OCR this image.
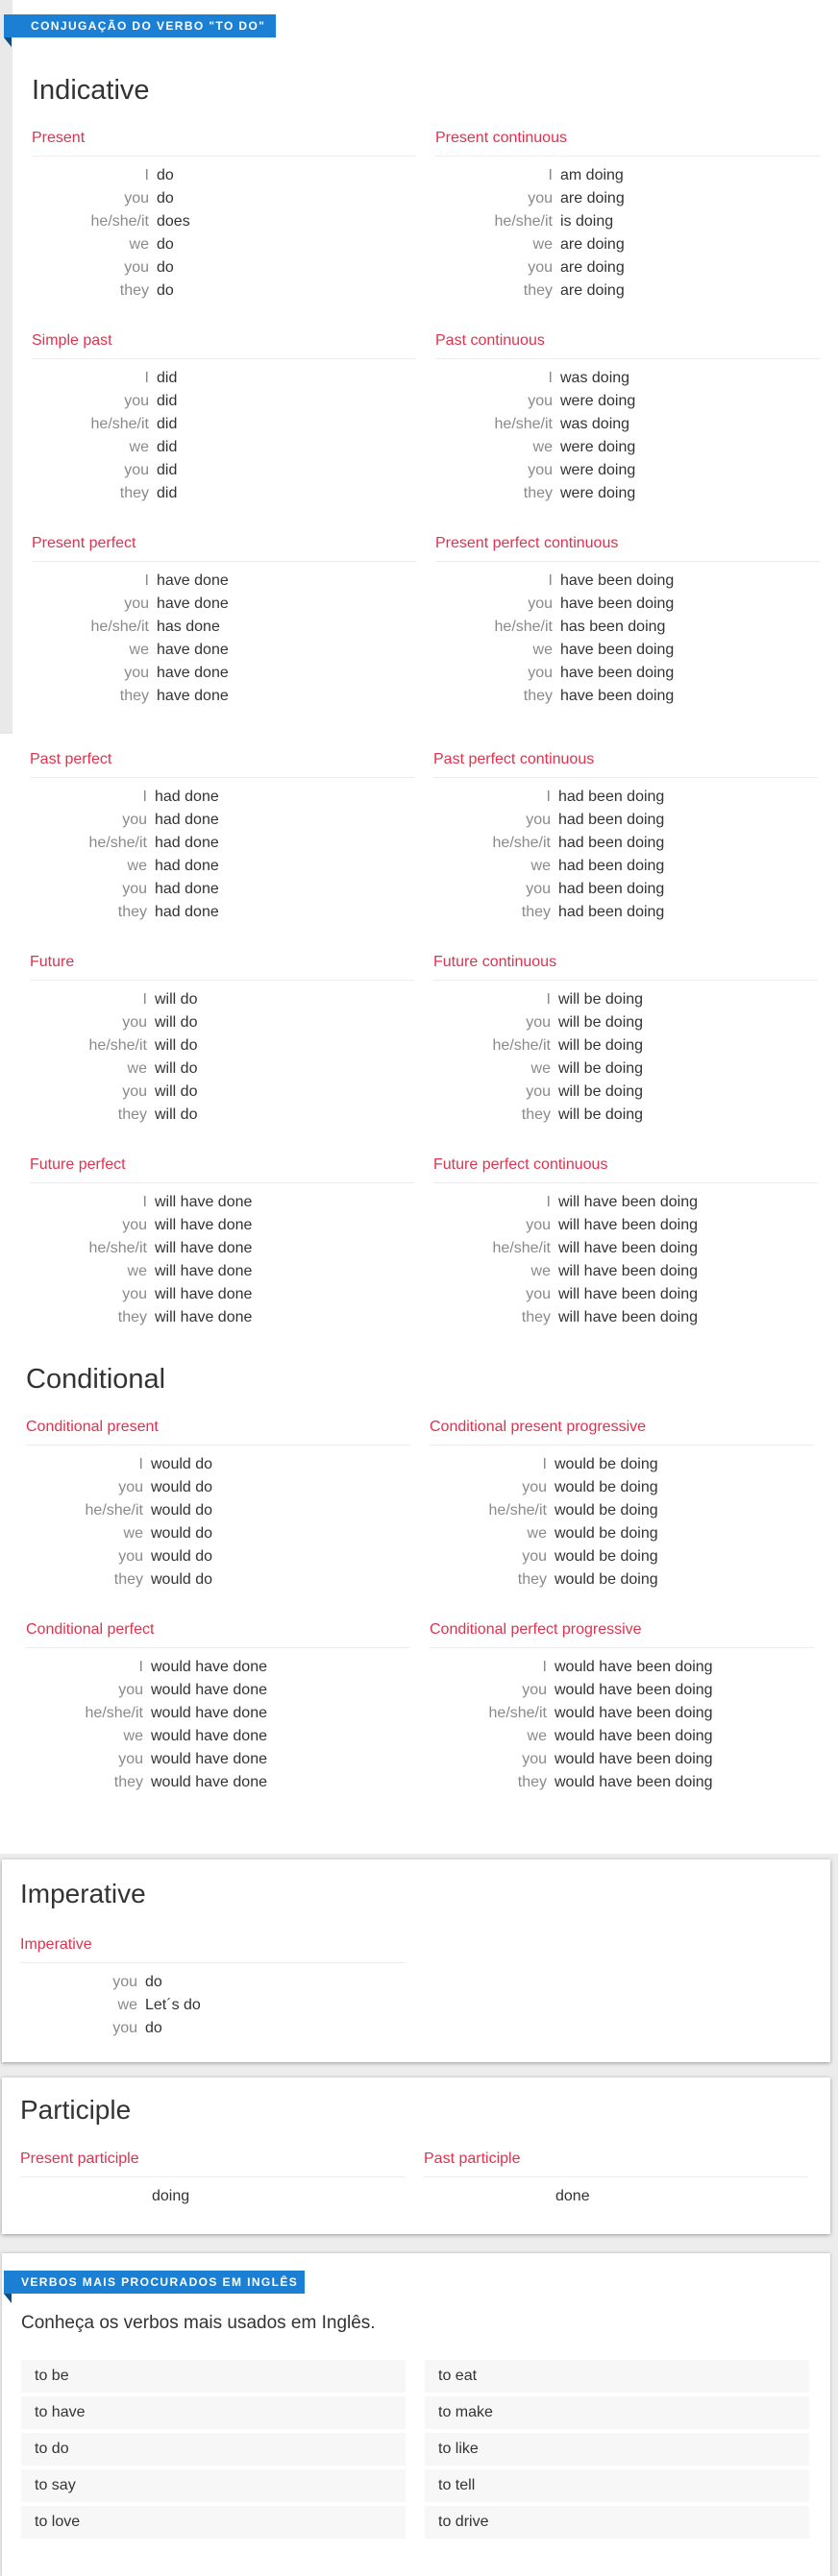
CONJUGAÇÃO DO VERBO "TO DO"
Indicative
Present
I do
you do
he/she/it does
we do
you do
they do
Present continuous
I am doing
you are doing
he/she/it is doing
we are doing
you are doing
they are doing
Simple past
I did
you did
he/she/it did
we did
you did
they did
Past continuous
I was doing
you were doing
he/she/it was doing
we were doing
you were doing
they were doing
Present perfect
I have done
you have done
he/she/it has done
we have done
you have done
they have done
Present perfect continuous
I have been doing
you have been doing
he/she/it has been doing
we have been doing
you have been doing
they have been doing
Past perfect
I had done
you had done
he/she/it had done
we had done
you had done
they had done
Past perfect continuous
I had been doing
you had been doing
he/she/it had been doing
we had been doing
you had been doing
they had been doing
Future
I will do
you will do
he/she/it will do
we will do
you will do
they will do
Future continuous
I will be doing
you will be doing
he/she/it will be doing
we will be doing
you will be doing
they will be doing
Future perfect
I will have done
you will have done
he/she/it will have done
we will have done
you will have done
they will have done
Future perfect continuous
I will have been doing
you will have been doing
he/she/it will have been doing
we will have been doing
you will have been doing
they will have been doing
Conditional
Conditional present
I would do
you would do
he/she/it would do
we would do
you would do
they would do
Conditional present progressive
I would be doing
you would be doing
he/she/it would be doing
we would be doing
you would be doing
they would be doing
Conditional perfect
I would have done
you would have done
he/she/it would have done
we would have done
you would have done
they would have done
Conditional perfect progressive
I would have been doing
you would have been doing
he/she/it would have been doing
we would have been doing
you would have been doing
they would have been doing
Imperative
Imperative
you do
we Let´s do
you do
Participle
Present participle
doing
Past participle
done
VERBOS MAIS PROCURADOS EM INGLÊS
Conheça os verbos mais usados em Inglês.
to be
to have
to do
to say
to love
to eat
to make
to like
to tell
to drive
